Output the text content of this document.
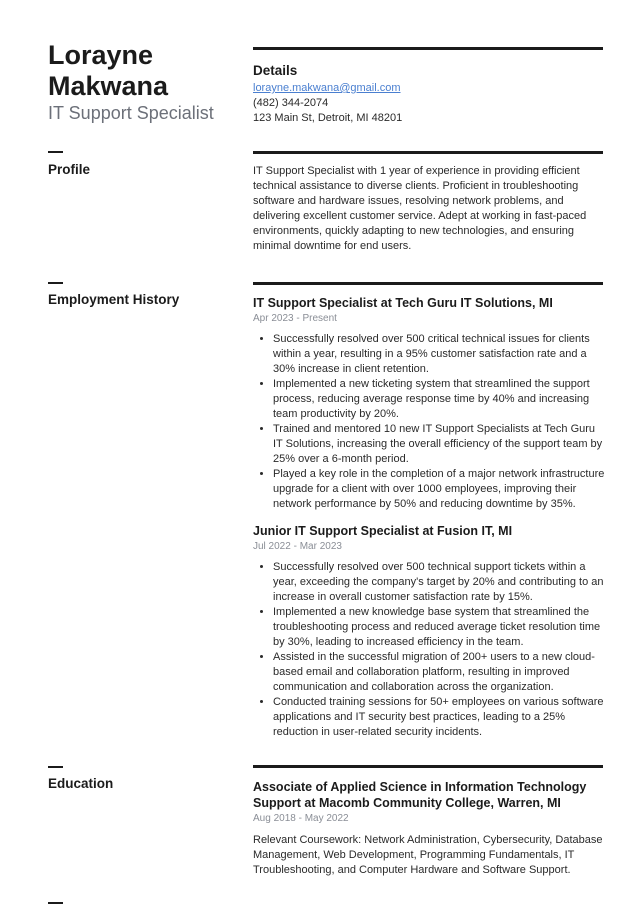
Lorayne Makwana
IT Support Specialist
Details
lorayne.makwana@gmail.com
(482) 344-2074
123 Main St, Detroit, MI 48201
Profile	IT Support Specialist with 1 year of experience in providing efficient technical assistance to diverse clients. Proficient in troubleshooting software and hardware issues, resolving network problems, and delivering excellent customer service. Adept at working in fast-paced environments, quickly adapting to new technologies, and ensuring minimal downtime for end users.
Employment History	IT Support Specialist at Tech Guru IT Solutions, MI
Apr 2023 - Present
• Successfully resolved over 500 critical technical issues for clients within a year, resulting in a 95% customer satisfaction rate and a 30% increase in client retention.
• Implemented a new ticketing system that streamlined the support process, reducing average response time by 40% and increasing team productivity by 20%.
• Trained and mentored 10 new IT Support Specialists at Tech Guru IT Solutions, increasing the overall efficiency of the support team by 25% over a 6-month period.
• Played a key role in the completion of a major network infrastructure upgrade for a client with over 1000 employees, improving their network performance by 50% and reducing downtime by 35%.
Junior IT Support Specialist at Fusion IT, MI
Jul 2022 - Mar 2023
• Successfully resolved over 500 technical support tickets within a year, exceeding the company's target by 20% and contributing to an increase in overall customer satisfaction rate by 15%.
• Implemented a new knowledge base system that streamlined the troubleshooting process and reduced average ticket resolution time by 30%, leading to increased efficiency in the team.
• Assisted in the successful migration of 200+ users to a new cloud-based email and collaboration platform, resulting in improved communication and collaboration across the organization.
• Conducted training sessions for 50+ employees on various software applications and IT security best practices, leading to a 25% reduction in user-related security incidents.
Education	Associate of Applied Science in Information Technology Support at Macomb Community College, Warren, MI
Aug 2018 - May 2022
Relevant Coursework: Network Administration, Cybersecurity, Database Management, Web Development, Programming Fundamentals, IT Troubleshooting, and Computer Hardware and Software Support.
